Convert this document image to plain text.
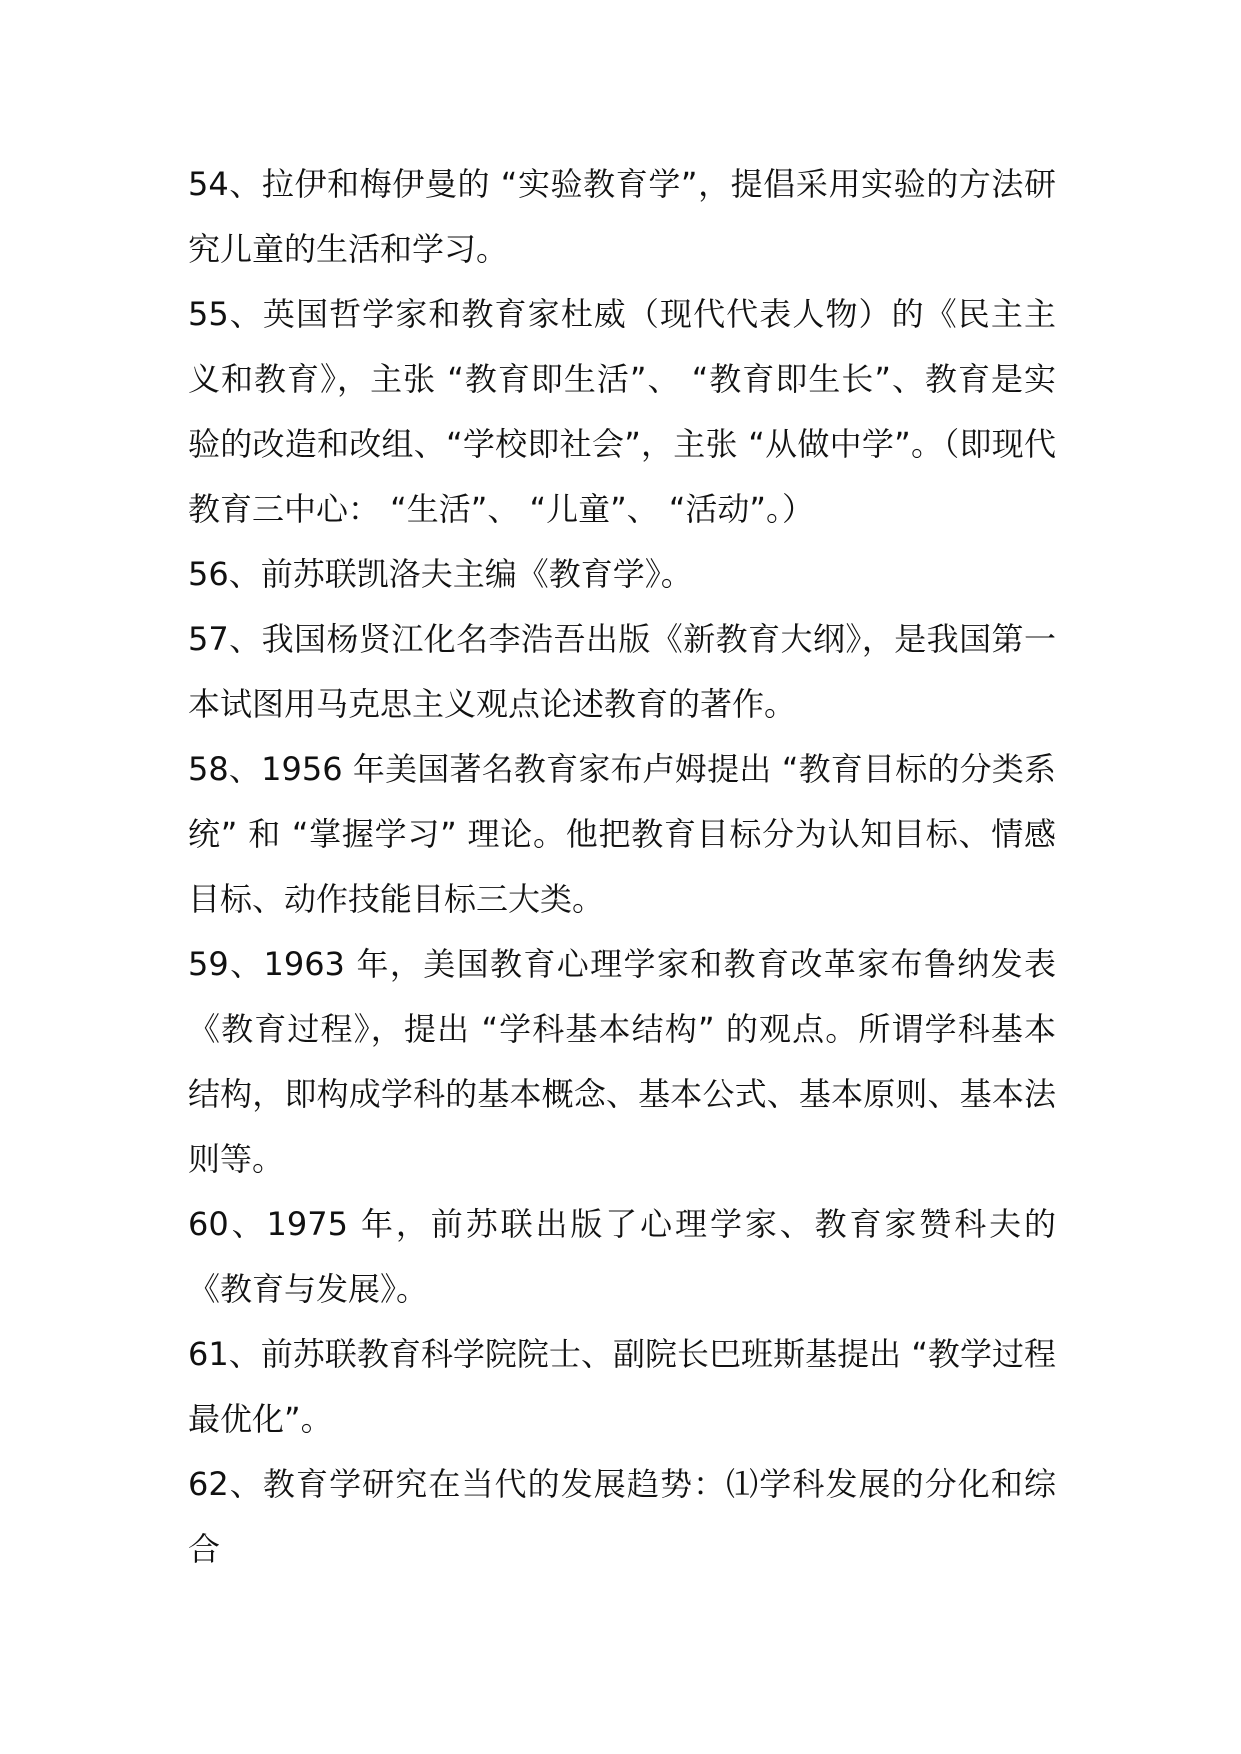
54、拉伊和梅伊曼的 “实验教育学”，提倡采用实验的方法研究儿童的生活和学习。

55、英国哲学家和教育家杜威（现代代表人物）的《民主主义和教育》，主张 “教育即生活”、 “教育即生长”、教育是实验的改造和改组、“学校即社会”，主张 “从做中学”。（即现代教育三中心： “生活”、 “儿童”、 “活动”。）

56、前苏联凯洛夫主编《教育学》。

57、我国杨贤江化名李浩吾出版《新教育大纲》，是我国第一本试图用马克思主义观点论述教育的著作。

58、1956 年美国著名教育家布卢姆提出 “教育目标的分类系统” 和 “掌握学习” 理论。他把教育目标分为认知目标、情感目标、动作技能目标三大类。

59、1963 年，美国教育心理学家和教育改革家布鲁纳发表《教育过程》，提出 “学科基本结构” 的观点。所谓学科基本结构，即构成学科的基本概念、基本公式、基本原则、基本法则等。

60、1975 年，前苏联出版了心理学家、教育家赞科夫的《教育与发展》。

61、前苏联教育科学院院士、副院长巴班斯基提出 “教学过程最优化”。

62、教育学研究在当代的发展趋势：⑴学科发展的分化和综合
